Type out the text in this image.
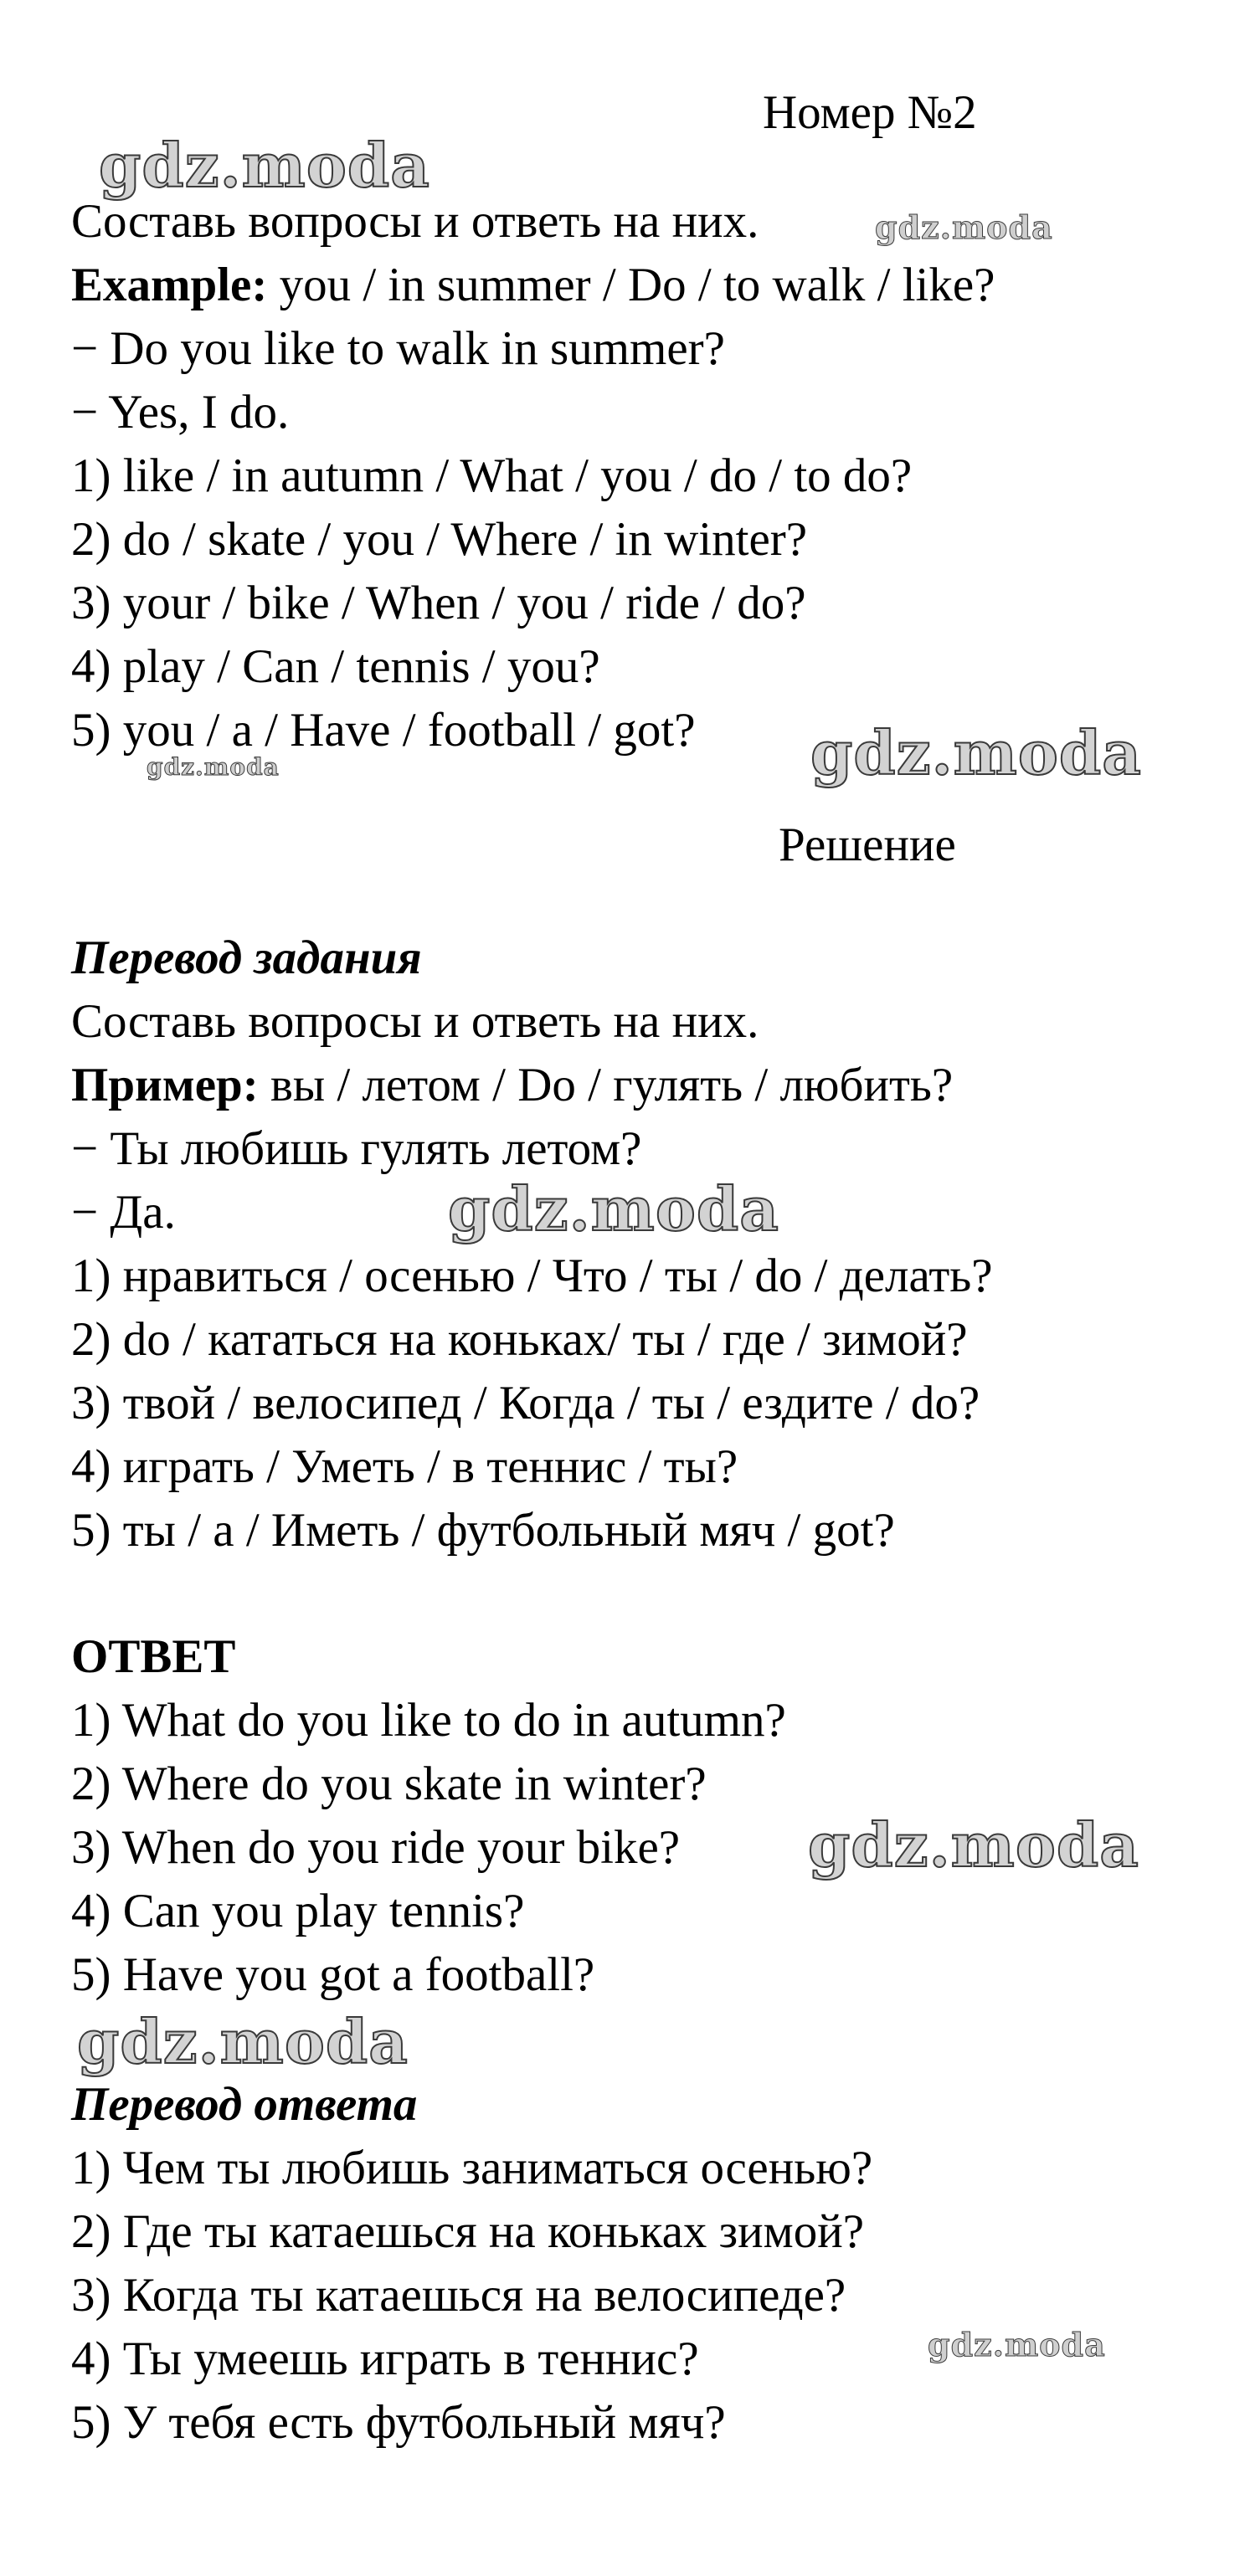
Номер №2
Составь вопросы и ответь на них.
Example: you / in summer / Do / to walk / like?
− Do you like to walk in summer?
− Yes, I do.
1) like / in autumn / What / you / do / to do?
2) do / skate / you / Where / in winter?
3) your / bike / When / you / ride / do?
4) play / Can / tennis / you?
5) you / a / Have / football / got?
Решение
Перевод задания
Составь вопросы и ответь на них.
Пример: вы / летом / Do / гулять / любить?
− Ты любишь гулять летом?
− Да.
1) нравиться / осенью / Что / ты / do / делать?
2) do / кататься на коньках/ ты / где / зимой?
3) твой / велосипед / Когда / ты / ездите / do?
4) играть / Уметь / в теннис / ты?
5) ты / a / Иметь / футбольный мяч / got?
ОТВЕТ
1) What do you like to do in autumn?
2) Where do you skate in winter?
3) When do you ride your bike?
4) Can you play tennis?
5) Have you got a football?
Перевод ответа
1) Чем ты любишь заниматься осенью?
2) Где ты катаешься на коньках зимой?
3) Когда ты катаешься на велосипеде?
4) Ты умеешь играть в теннис?
5) У тебя есть футбольный мяч?
gdz.moda
gdz.moda
gdz.moda
gdz.moda
gdz.moda
gdz.moda
gdz.moda
gdz.moda
